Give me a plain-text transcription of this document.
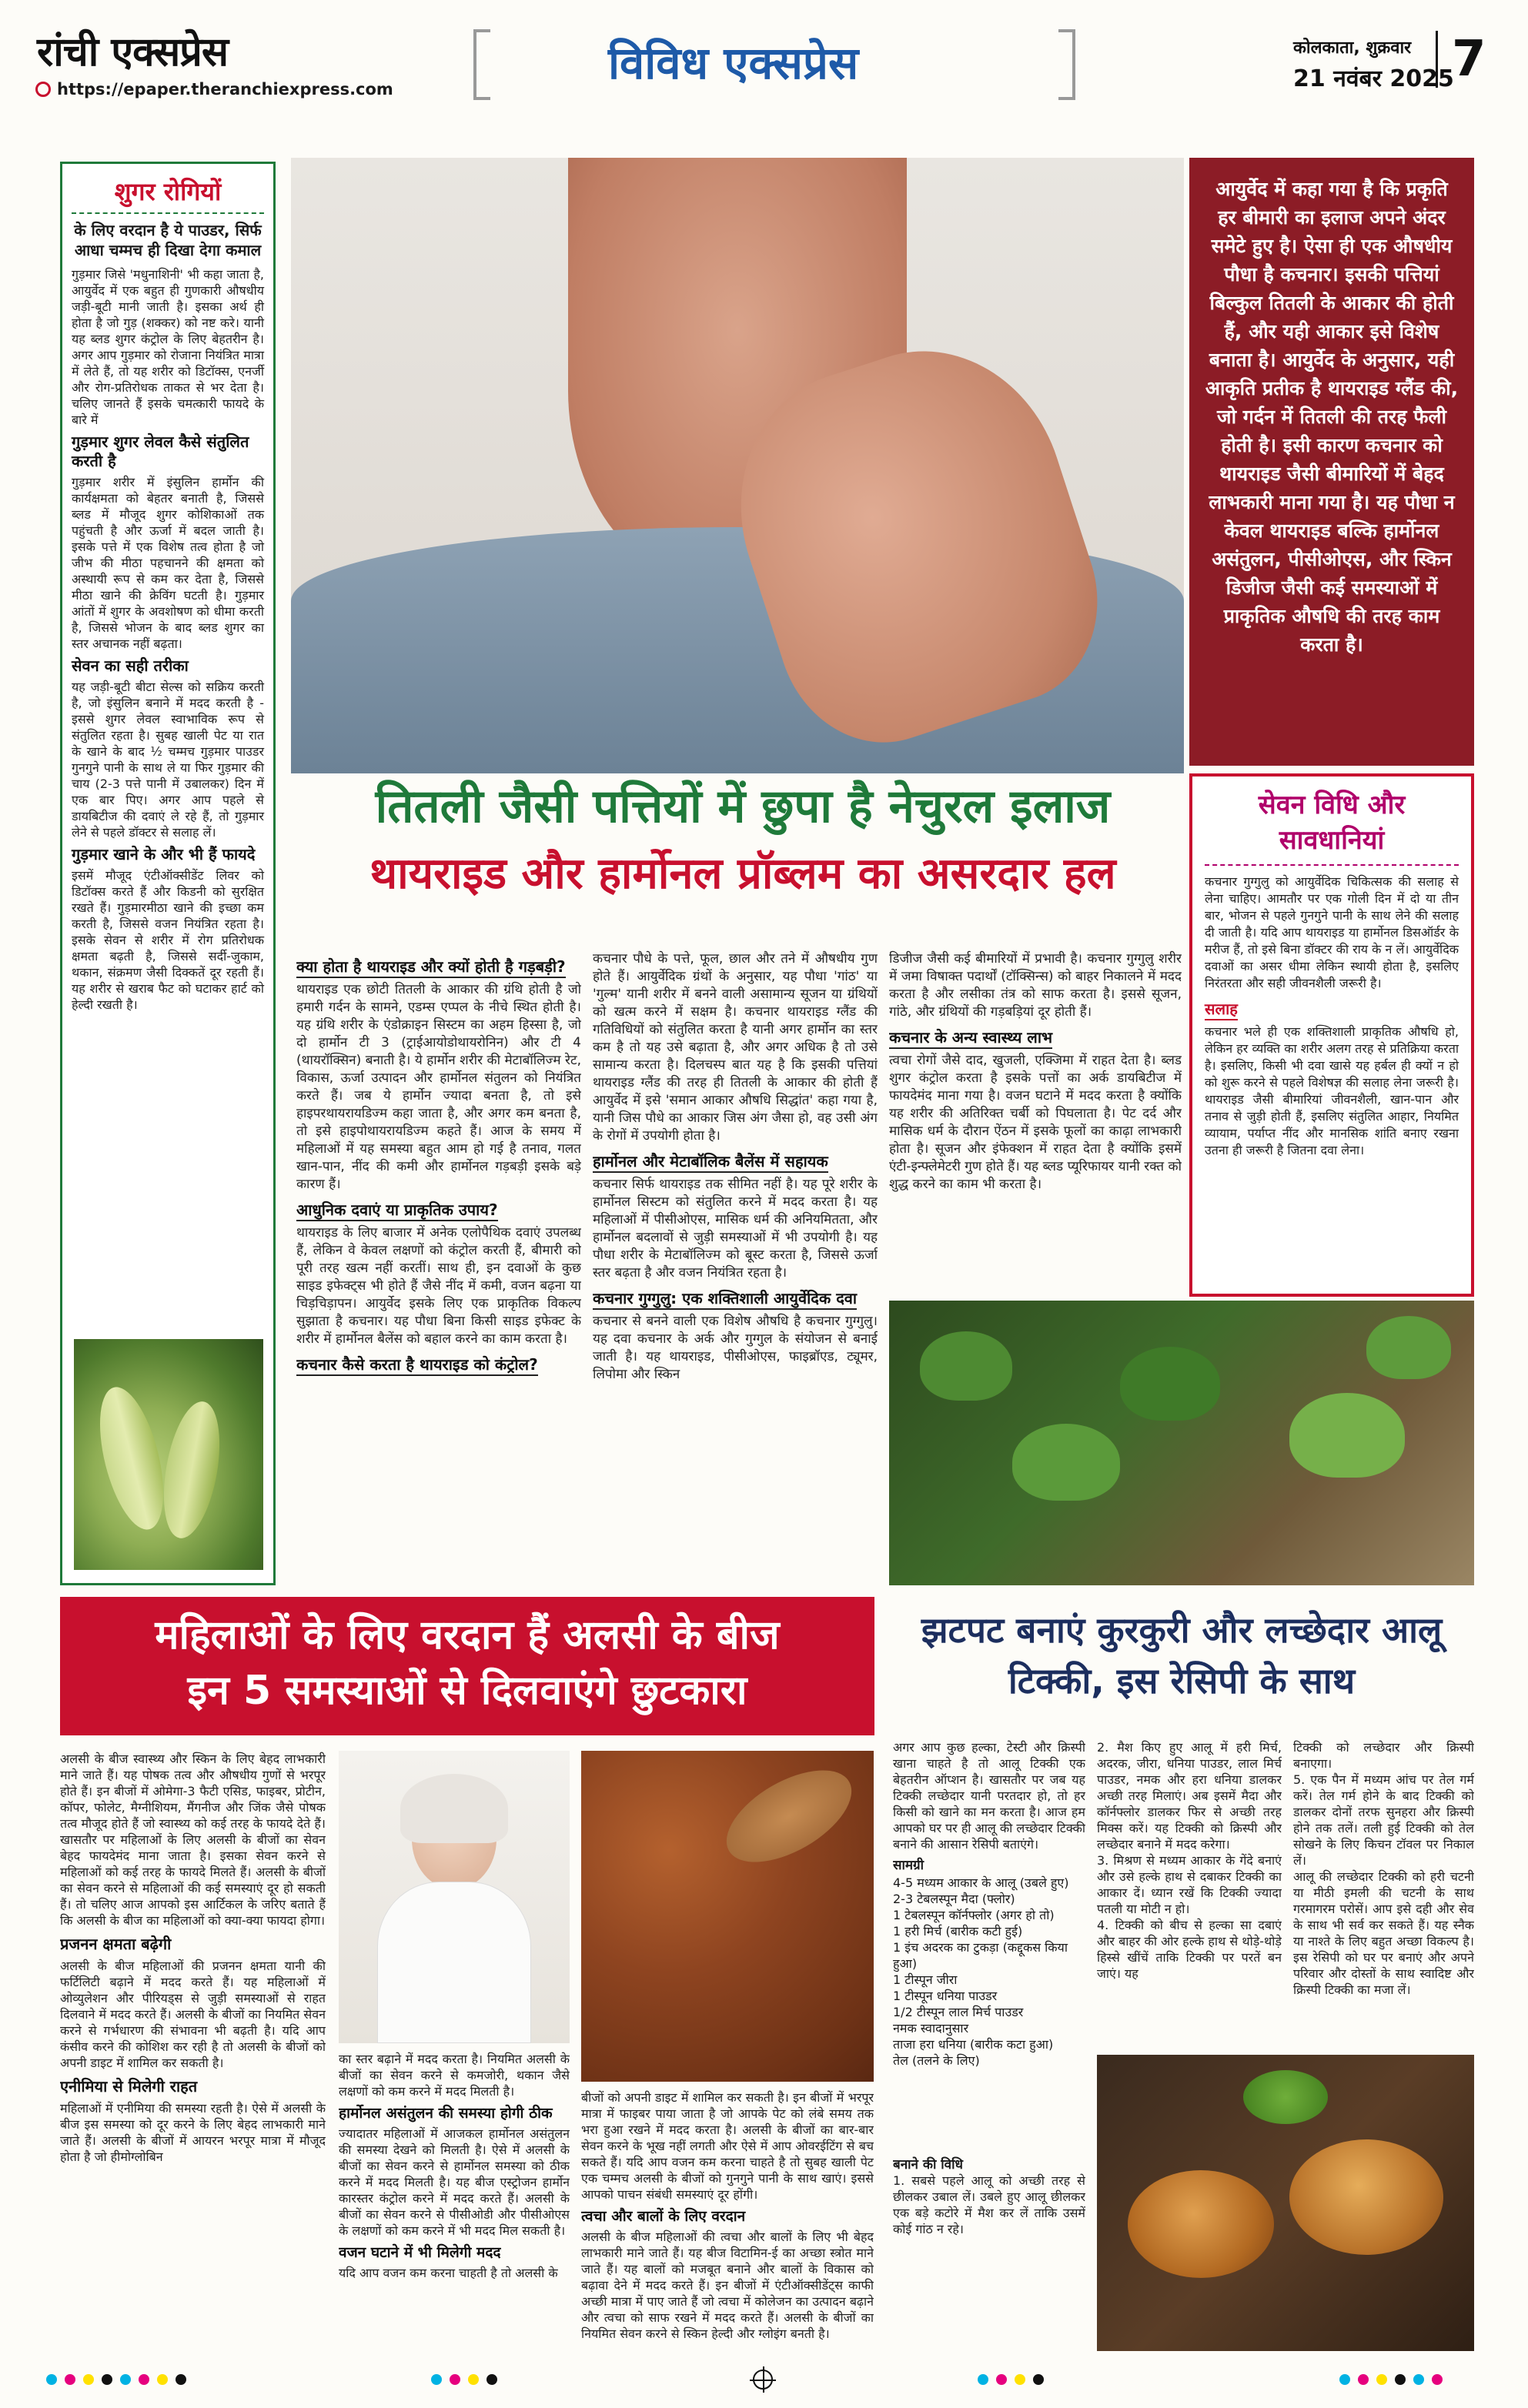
रांची एक्सप्रेस
https://epaper.theranchiexpress.com	विविध एक्सप्रेस	कोलकाता, शुक्रवार
21 नवंबर 2025
7
शुगर रोगियों
के लिए वरदान है ये पाउडर, सिर्फ आधा चम्मच ही दिखा देगा कमाल

गुड़मार जिसे 'मधुनाशिनी' भी कहा जाता है, आयुर्वेद में एक बहुत ही गुणकारी औषधीय जड़ी-बूटी मानी जाती है। इसका अर्थ ही होता है जो गुड़ (शक्कर) को नष्ट करे। यानी यह ब्लड शुगर कंट्रोल के लिए बेहतरीन है। अगर आप गुड़मार को रोजाना नियंत्रित मात्रा में लेते हैं, तो यह शरीर को डिटॉक्स, एनर्जी और रोग-प्रतिरोधक ताकत से भर देता है। चलिए जानते हैं इसके चमत्कारी फायदे के बारे में

गुड़मार शुगर लेवल कैसे संतुलित करती है

गुड़मार शरीर में इंसुलिन हार्मोन की कार्यक्षमता को बेहतर बनाती है, जिससे ब्लड में मौजूद शुगर कोशिकाओं तक पहुंचती है और ऊर्जा में बदल जाती है। इसके पत्ते में एक विशेष तत्व होता है जो जीभ की मीठा पहचानने की क्षमता को अस्थायी रूप से कम कर देता है, जिससे मीठा खाने की क्रेविंग घटती है। गुड़मार आंतों में शुगर के अवशोषण को धीमा करती है, जिससे भोजन के बाद ब्लड शुगर का स्तर अचानक नहीं बढ़ता।

सेवन का सही तरीका

यह जड़ी-बूटी बीटा सेल्स को सक्रिय करती है, जो इंसुलिन बनाने में मदद करती है - इससे शुगर लेवल स्वाभाविक रूप से संतुलित रहता है। सुबह खाली पेट या रात के खाने के बाद ½ चम्मच गुड़मार पाउडर गुनगुने पानी के साथ ले या फिर गुड़मार की चाय (2-3 पत्ते पानी में उबालकर) दिन में एक बार पिए। अगर आप पहले से डायबिटीज की दवाएं ले रहे हैं, तो गुड़मार लेने से पहले डॉक्टर से सलाह लें।

गुड़मार खाने के और भी हैं फायदे

इसमें मौजूद एंटीऑक्सीडेंट लिवर को डिटॉक्स करते हैं और किडनी को सुरक्षित रखते हैं। गुड़मारमीठा खाने की इच्छा कम करती है, जिससे वजन नियंत्रित रहता है। इसके सेवन से शरीर में रोग प्रतिरोधक क्षमता बढ़ती है, जिससे सर्दी-जुकाम, थकान, संक्रमण जैसी दिक्कतें दूर रहती हैं। यह शरीर से खराब फैट को घटाकर हार्ट को हेल्दी रखती है।

आयुर्वेद में कहा गया है कि प्रकृति हर बीमारी का इलाज अपने अंदर समेटे हुए है। ऐसा ही एक औषधीय पौधा है कचनार। इसकी पत्तियां बिल्कुल तितली के आकार की होती हैं, और यही आकार इसे विशेष बनाता है। आयुर्वेद के अनुसार, यही आकृति प्रतीक है थायराइड ग्लैंड की, जो गर्दन में तितली की तरह फैली होती है। इसी कारण कचनार को थायराइड जैसी बीमारियों में बेहद लाभकारी माना गया है। यह पौधा न केवल थायराइड बल्कि हार्मोनल असंतुलन, पीसीओएस, और स्किन डिजीज जैसी कई समस्याओं में प्राकृतिक औषधि की तरह काम करता है।

तितली जैसी पत्तियों में छुपा है नेचुरल इलाज
थायराइड और हार्मोनल प्रॉब्लम का असरदार हल
क्या होता है थायराइड और क्यों होती है गड़बड़ी?

थायराइड एक छोटी तितली के आकार की ग्रंथि होती है जो हमारी गर्दन के सामने, एडम्स एप्पल के नीचे स्थित होती है। यह ग्रंथि शरीर के एंडोक्राइन सिस्टम का अहम हिस्सा है, जो दो हार्मोन टी 3 (ट्राईआयोडोथायरोनिन) और टी 4 (थायरॉक्सिन) बनाती है। ये हार्मोन शरीर की मेटाबॉलिज्म रेट, विकास, ऊर्जा उत्पादन और हार्मोनल संतुलन को नियंत्रित करते हैं। जब ये हार्मोन ज्यादा बनता है, तो इसे हाइपरथायरायडिज्म कहा जाता है, और अगर कम बनता है, तो इसे हाइपोथायरायडिज्म कहते हैं। आज के समय में महिलाओं में यह समस्या बहुत आम हो गई है तनाव, गलत खान-पान, नींद की कमी और हार्मोनल गड़बड़ी इसके बड़े कारण हैं।

आधुनिक दवाएं या प्राकृतिक उपाय?

थायराइड के लिए बाजार में अनेक एलोपैथिक दवाएं उपलब्ध हैं, लेकिन वे केवल लक्षणों को कंट्रोल करती हैं, बीमारी को पूरी तरह खत्म नहीं करतीं। साथ ही, इन दवाओं के कुछ साइड इफेक्ट्स भी होते हैं जैसे नींद में कमी, वजन बढ़ना या चिड़चिड़ापन। आयुर्वेद इसके लिए एक प्राकृतिक विकल्प सुझाता है कचनार। यह पौधा बिना किसी साइड इफेक्ट के शरीर में हार्मोनल बैलेंस को बहाल करने का काम करता है।

कचनार कैसे करता है थायराइड को कंट्रोल?

कचनार पौधे के पत्ते, फूल, छाल और तने में औषधीय गुण होते हैं। आयुर्वेदिक ग्रंथों के अनुसार, यह पौधा 'गांठ' या 'गुल्म' यानी शरीर में बनने वाली असामान्य सूजन या ग्रंथियों को खत्म करने में सक्षम है। कचनार थायराइड ग्लैंड की गतिविधियों को संतुलित करता है यानी अगर हार्मोन का स्तर कम है तो यह उसे बढ़ाता है, और अगर अधिक है तो उसे सामान्य करता है। दिलचस्प बात यह है कि इसकी पत्तियां थायराइड ग्लैंड की तरह ही तितली के आकार की होती हैं आयुर्वेद में इसे 'समान आकार औषधि सिद्धांत' कहा गया है, यानी जिस पौधे का आकार जिस अंग जैसा हो, वह उसी अंग के रोगों में उपयोगी होता है।

हार्मोनल और मेटाबॉलिक बैलेंस में सहायक

कचनार सिर्फ थायराइड तक सीमित नहीं है। यह पूरे शरीर के हार्मोनल सिस्टम को संतुलित करने में मदद करता है। यह महिलाओं में पीसीओएस, मासिक धर्म की अनियमितता, और हार्मोनल बदलावों से जुड़ी समस्याओं में भी उपयोगी है। यह पौधा शरीर के मेटाबॉलिज्म को बूस्ट करता है, जिससे ऊर्जा स्तर बढ़ता है और वजन नियंत्रित रहता है।

कचनार गुग्गुलु: एक शक्तिशाली आयुर्वेदिक दवा

कचनार से बनने वाली एक विशेष औषधि है कचनार गुग्गुलु। यह दवा कचनार के अर्क और गुग्गुल के संयोजन से बनाई जाती है। यह थायराइड, पीसीओएस, फाइब्रॉएड, ट्यूमर, लिपोमा और स्किन

डिजीज जैसी कई बीमारियों में प्रभावी है। कचनार गुग्गुलु शरीर में जमा विषाक्त पदार्थों (टॉक्सिन्स) को बाहर निकालने में मदद करता है और लसीका तंत्र को साफ करता है। इससे सूजन, गांठे, और ग्रंथियों की गड़बड़ियां दूर होती हैं।

कचनार के अन्य स्वास्थ्य लाभ

त्वचा रोगों जैसे दाद, खुजली, एक्जिमा में राहत देता है। ब्लड शुगर कंट्रोल करता है इसके पत्तों का अर्क डायबिटीज में फायदेमंद माना गया है। वजन घटाने में मदद करता है क्योंकि यह शरीर की अतिरिक्त चर्बी को पिघलाता है। पेट दर्द और मासिक धर्म के दौरान ऐंठन में इसके फूलों का काढ़ा लाभकारी होता है। सूजन और इंफेक्शन में राहत देता है क्योंकि इसमें एंटी-इन्फ्लेमेटरी गुण होते हैं। यह ब्लड प्यूरिफायर यानी रक्त को शुद्ध करने का काम भी करता है।

सेवन विधि और सावधानियां

कचनार गुग्गुलु को आयुर्वेदिक चिकित्सक की सलाह से लेना चाहिए। आमतौर पर एक गोली दिन में दो या तीन बार, भोजन से पहले गुनगुने पानी के साथ लेने की सलाह दी जाती है। यदि आप थायराइड या हार्मोनल डिसऑर्डर के मरीज हैं, तो इसे बिना डॉक्टर की राय के न लें। आयुर्वेदिक दवाओं का असर धीमा लेकिन स्थायी होता है, इसलिए निरंतरता और सही जीवनशैली जरूरी है।

सलाह

कचनार भले ही एक शक्तिशाली प्राकृतिक औषधि हो, लेकिन हर व्यक्ति का शरीर अलग तरह से प्रतिक्रिया करता है। इसलिए, किसी भी दवा खासे यह हर्बल ही क्यों न हो को शुरू करने से पहले विशेषज्ञ की सलाह लेना जरूरी है। थायराइड जैसी बीमारियां जीवनशैली, खान-पान और तनाव से जुड़ी होती हैं, इसलिए संतुलित आहार, नियमित व्यायाम, पर्याप्त नींद और मानसिक शांति बनाए रखना उतना ही जरूरी है जितना दवा लेना।

महिलाओं के लिए वरदान हैं अलसी के बीज
इन 5 समस्याओं से दिलवाएंगे छुटकारा

अलसी के बीज स्वास्थ्य और स्किन के लिए बेहद लाभकारी माने जाते हैं। यह पोषक तत्व और औषधीय गुणों से भरपूर होते हैं। इन बीजों में ओमेगा-3 फैटी एसिड, फाइबर, प्रोटीन, कॉपर, फोलेट, मैग्नीशियम, मैंगनीज और जिंक जैसे पोषक तत्व मौजूद होते हैं जो स्वास्थ्य को कई तरह के फायदे देते हैं। खासतौर पर महिलाओं के लिए अलसी के बीजों का सेवन बेहद फायदेमंद माना जाता है। इसका सेवन करने से महिलाओं को कई तरह के फायदे मिलते हैं। अलसी के बीजों का सेवन करने से महिलाओं की कई समस्याएं दूर हो सकती हैं। तो चलिए आज आपको इस आर्टिकल के जरिए बताते हैं कि अलसी के बीज का महिलाओं को क्या-क्या फायदा होगा।

प्रजनन क्षमता बढ़ेगी

अलसी के बीज महिलाओं की प्रजनन क्षमता यानी की फर्टिलिटी बढ़ाने में मदद करते हैं। यह महिलाओं में ओव्युलेशन और पीरियड्स से जुड़ी समस्याओं से राहत दिलवाने में मदद करते हैं। अलसी के बीजों का नियमित सेवन करने से गर्भधारण की संभावना भी बढ़ती है। यदि आप कंसीव करने की कोशिश कर रही है तो अलसी के बीजों को अपनी डाइट में शामिल कर सकती है।

एनीमिया से मिलेगी राहत

महिलाओं में एनीमिया की समस्या रहती है। ऐसे में अलसी के बीज इस समस्या को दूर करने के लिए बेहद लाभकारी माने जाते हैं। अलसी के बीजों में आयरन भरपूर मात्रा में मौजूद होता है जो हीमोग्लोबिन

का स्तर बढ़ाने में मदद करता है। नियमित अलसी के बीजों का सेवन करने से कमजोरी, थकान जैसे लक्षणों को कम करने में मदद मिलती है।

हार्मोनल असंतुलन की समस्या होगी ठीक

ज्यादातर महिलाओं में आजकल हार्मोनल असंतुलन की समस्या देखने को मिलती है। ऐसे में अलसी के बीजों का सेवन करने से हार्मोनल समस्या को ठीक करने में मदद मिलती है। यह बीज एस्ट्रोजन हार्मोन कारस्तर कंट्रोल करने में मदद करते हैं। अलसी के बीजों का सेवन करने से पीसीओडी और पीसीओएस के लक्षणों को कम करने में भी मदद मिल सकती है।

वजन घटाने में भी मिलेगी मदद

यदि आप वजन कम करना चाहती है तो अलसी के

बीजों को अपनी डाइट में शामिल कर सकती है। इन बीजों में भरपूर मात्रा में फाइबर पाया जाता है जो आपके पेट को लंबे समय तक भरा हुआ रखने में मदद करता है। अलसी के बीजों का बार-बार सेवन करने के भूख नहीं लगती और ऐसे में आप ओवरईटिंग से बच सकते हैं। यदि आप वजन कम करना चाहते है तो सुबह खाली पेट एक चम्मच अलसी के बीजों को गुनगुने पानी के साथ खाएं। इससे आपको पाचन संबंधी समस्याएं दूर होंगी।

त्वचा और बालों के लिए वरदान

अलसी के बीज महिलाओं की त्वचा और बालों के लिए भी बेहद लाभकारी माने जाते हैं। यह बीज विटामिन-ई का अच्छा स्त्रोत माने जाते हैं। यह बालों को मजबूत बनाने और बालों के विकास को बढ़ावा देने में मदद करते हैं। इन बीजों में एंटीऑक्सीडेंट्स काफी अच्छी मात्रा में पाए जाते हैं जो त्वचा में कोलेजन का उत्पादन बढ़ाने और त्वचा को साफ रखने में मदद करते हैं। अलसी के बीजों का नियमित सेवन करने से स्किन हेल्दी और ग्लोइंग बनती है।

झटपट बनाएं कुरकुरी और लच्छेदार आलू टिक्की, इस रेसिपी के साथ

अगर आप कुछ हल्का, टेस्टी और क्रिस्पी खाना चाहते है तो आलू टिक्की एक बेहतरीन ऑप्शन है। खासतौर पर जब यह टिक्की लच्छेदार यानी परतदार हो, तो हर किसी को खाने का मन करता है। आज हम आपको घर पर ही आलू की लच्छेदार टिक्की बनाने की आसान रेसिपी बताएंगे।

सामग्री
4-5 मध्यम आकार के आलू (उबले हुए)
2-3 टेबलस्पून मैदा (फ्लोर)
1 टेबलस्पून कॉर्नफ्लोर (अगर हो तो)
1 हरी मिर्च (बारीक कटी हुई)
1 इंच अदरक का टुकड़ा (कद्दूकस किया हुआ)
1 टीस्पून जीरा
1 टीस्पून धनिया पाउडर
1/2 टीस्पून लाल मिर्च पाउडर
नमक स्वादानुसार
ताजा हरा धनिया (बारीक कटा हुआ)
तेल (तलने के लिए)
बनाने की विधि

1. सबसे पहले आलू को अच्छी तरह से छीलकर उबाल लें। उबले हुए आलू छीलकर एक बड़े कटोरे में मैश कर लें ताकि उसमें कोई गांठ न रहे।

2. मैश किए हुए आलू में हरी मिर्च, अदरक, जीरा, धनिया पाउडर, लाल मिर्च पाउडर, नमक और हरा धनिया डालकर अच्छी तरह मिलाएं। अब इसमें मैदा और कॉर्नफ्लोर डालकर फिर से अच्छी तरह मिक्स करें। यह टिक्की को क्रिस्पी और लच्छेदार बनाने में मदद करेगा।

3. मिश्रण से मध्यम आकार के गेंदे बनाएं और उसे हल्के हाथ से दबाकर टिक्की का आकार दें। ध्यान रखें कि टिक्की ज्यादा पतली या मोटी न हो।

4. टिक्की को बीच से हल्का सा दबाएं और बाहर की ओर हल्के हाथ से थोड़े-थोड़े हिस्से खींचें ताकि टिक्की पर परतें बन जाएं। यह

टिक्की को लच्छेदार और क्रिस्पी बनाएगा।

5. एक पैन में मध्यम आंच पर तेल गर्म करें। तेल गर्म होने के बाद टिक्की को डालकर दोनों तरफ सुनहरा और क्रिस्पी होने तक तलें। तली हुई टिक्की को तेल सोखने के लिए किचन टॉवल पर निकाल लें।

आलू की लच्छेदार टिक्की को हरी चटनी या मीठी इमली की चटनी के साथ गरमागरम परोसें। आप इसे दही और सेव के साथ भी सर्व कर सकते हैं। यह स्नैक या नाश्ते के लिए बहुत अच्छा विकल्प है। इस रेसिपी को घर पर बनाएं और अपने परिवार और दोस्तों के साथ स्वादिष्ट और क्रिस्पी टिक्की का मजा लें।
